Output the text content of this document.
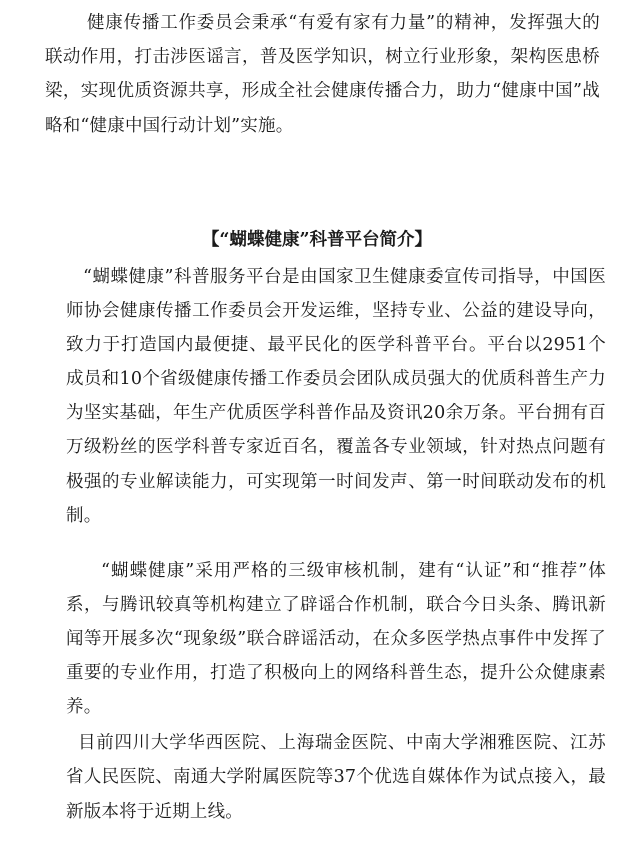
健康传播工作委员会秉承“有爱有家有力量”的精神，发挥强大的联动作用，打击涉医谣言，普及医学知识，树立行业形象，架构医患桥梁，实现优质资源共享，形成全社会健康传播合力，助力“健康中国”战略和“健康中国行动计划”实施。

【“蝴蝶健康”科普平台简介】

“蝴蝶健康”科普服务平台是由国家卫生健康委宣传司指导，中国医师协会健康传播工作委员会开发运维，坚持专业、公益的建设导向，致力于打造国内最便捷、最平民化的医学科普平台。平台以2951个成员和10个省级健康传播工作委员会团队成员强大的优质科普生产力为坚实基础，年生产优质医学科普作品及资讯20余万条。平台拥有百万级粉丝的医学科普专家近百名，覆盖各专业领域，针对热点问题有极强的专业解读能力，可实现第一时间发声、第一时间联动发布的机制。

“蝴蝶健康”采用严格的三级审核机制，建有“认证”和“推荐”体系，与腾讯较真等机构建立了辟谣合作机制，联合今日头条、腾讯新闻等开展多次“现象级”联合辟谣活动，在众多医学热点事件中发挥了重要的专业作用，打造了积极向上的网络科普生态，提升公众健康素养。

目前四川大学华西医院、上海瑞金医院、中南大学湘雅医院、江苏省人民医院、南通大学附属医院等37个优选自媒体作为试点接入，最新版本将于近期上线。
